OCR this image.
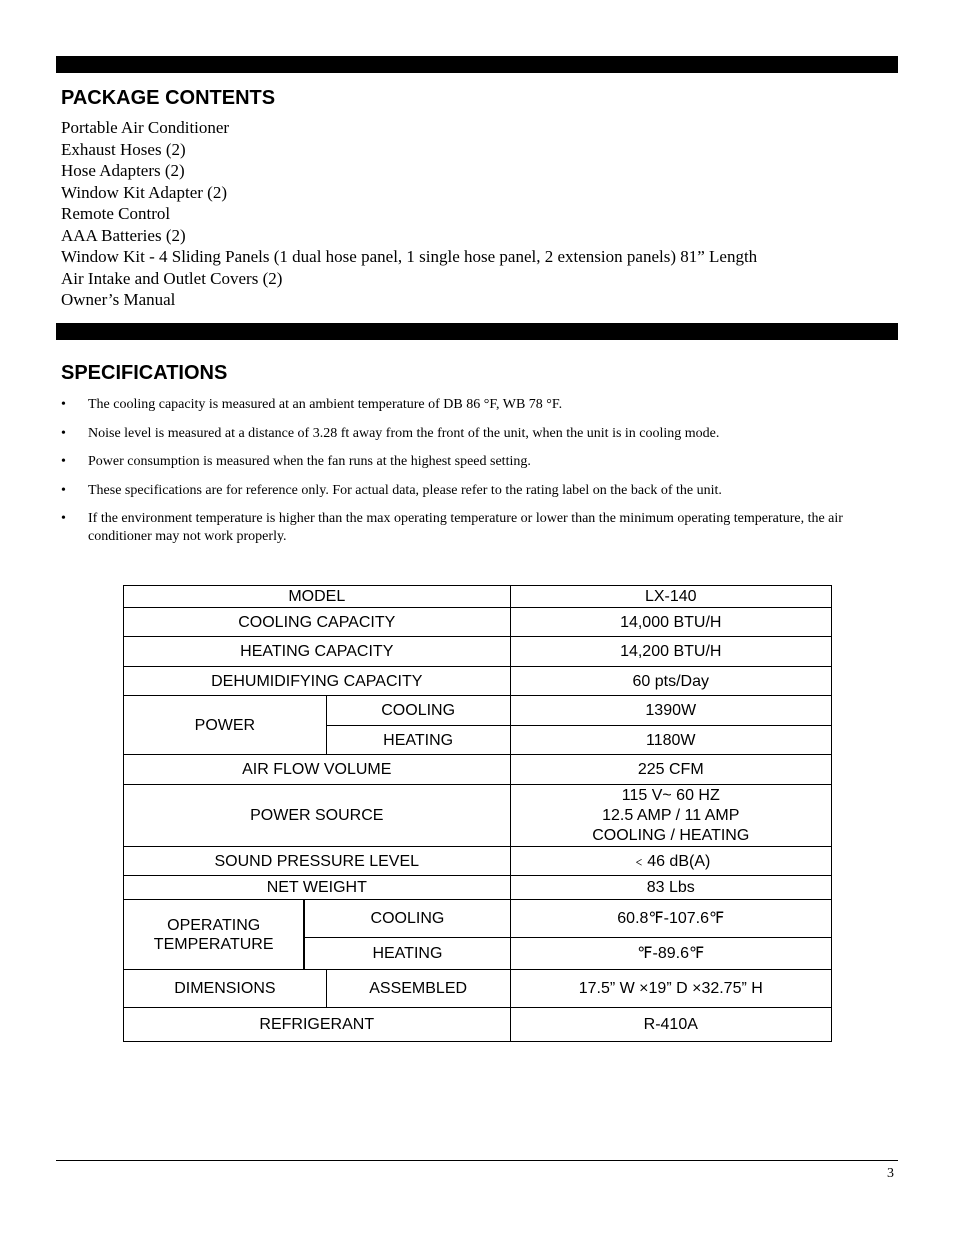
PACKAGE CONTENTS
Portable Air Conditioner
Exhaust Hoses (2)
Hose Adapters (2)
Window Kit Adapter (2)
Remote Control
AAA Batteries (2)
Window Kit - 4 Sliding Panels (1 dual hose panel, 1 single hose panel, 2 extension panels) 81” Length
Air Intake and Outlet Covers (2)
Owner’s Manual
SPECIFICATIONS
• The cooling capacity is measured at an ambient temperature of DB 86 °F, WB 78 °F.
• Noise level is measured at a distance of 3.28 ft away from the front of the unit, when the unit is in cooling mode.
• Power consumption is measured when the fan runs at the highest speed setting.
• These specifications are for reference only. For actual data, please refer to the rating label on the back of the unit.
• If the environment temperature is higher than the max operating temperature or lower than the minimum operating temperature, the air conditioner may not work properly.
MODEL			LX-140
COOLING CAPACITY			14,000 BTU/H
HEATING CAPACITY			14,200 BTU/H
DEHUMIDIFYING CAPACITY			60 pts/Day
POWER		COOLING	1390W
		HEATING	1180W
AIR FLOW VOLUME			225 CFM
POWER SOURCE			115 V~ 60 HZ
12.5 AMP / 11 AMP
COOLING / HEATING

SOUND PRESSURE LEVEL			﹤46 dB(A)
NET WEIGHT			83 Lbs

OPERATING
TEMPERATURE	COOLING		60.8℉-107.6℉
	HEATING		℉-89.6℉
DIMENSIONS		ASSEMBLED	17.5” W ×19” D ×32.75” H
REFRIGERANT			R-410A
3
